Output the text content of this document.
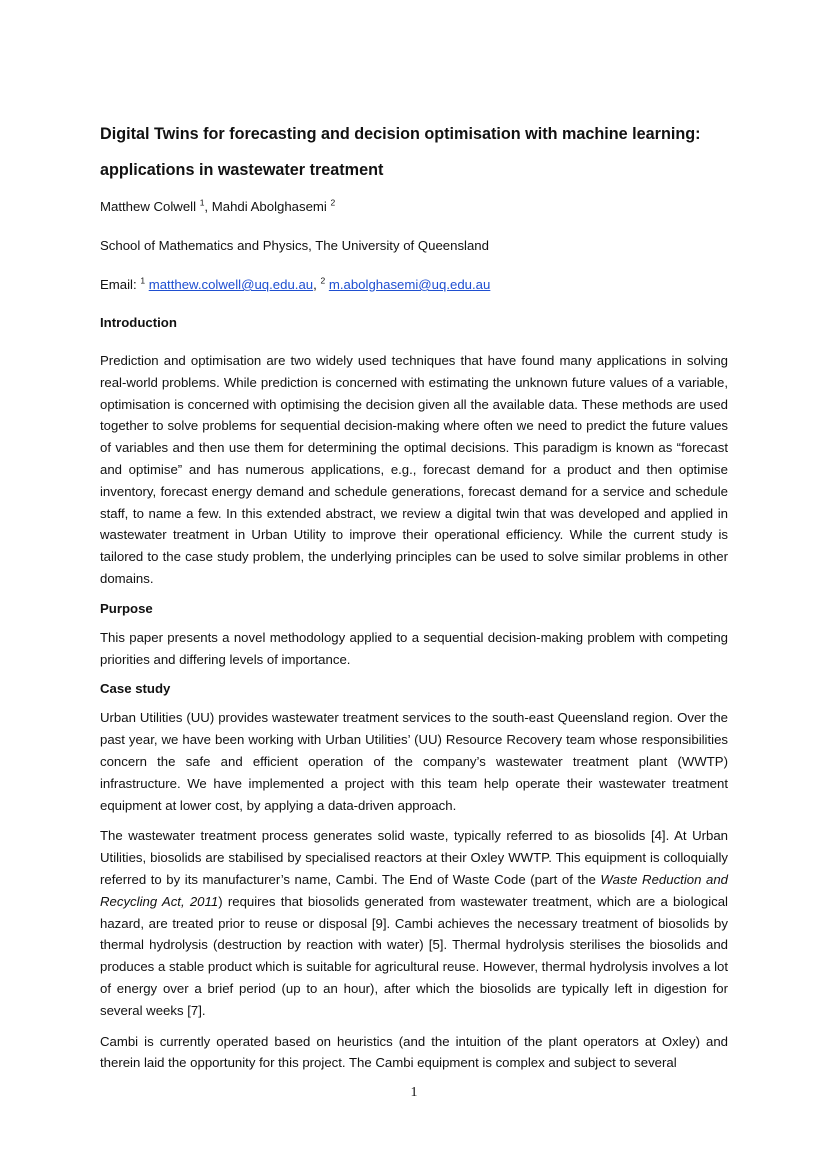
Digital Twins for forecasting and decision optimisation with machine learning:
applications in wastewater treatment
Matthew Colwell $^1$, Mahdi Abolghasemi $^2$
School of Mathematics and Physics, The University of Queensland
Email: $^1$ matthew.colwell@uq.edu.au, $^2$ m.abolghasemi@uq.edu.au
Introduction

Prediction and optimisation are two widely used techniques that have found many applications in solving real-world problems. While prediction is concerned with estimating the unknown future values of a variable, optimisation is concerned with optimising the decision given all the available data. These methods are used together to solve problems for sequential decision-making where often we need to predict the future values of variables and then use them for determining the optimal decisions. This paradigm is known as “forecast and optimise” and has numerous applications, e.g., forecast demand for a product and then optimise inventory, forecast energy demand and schedule generations, forecast demand for a service and schedule staff, to name a few. In this extended abstract, we review a digital twin that was developed and applied in wastewater treatment in Urban Utility to improve their operational efficiency. While the current study is tailored to the case study problem, the underlying principles can be used to solve similar problems in other domains.

Purpose

This paper presents a novel methodology applied to a sequential decision-making problem with competing priorities and differing levels of importance.

Case study

Urban Utilities (UU) provides wastewater treatment services to the south-east Queensland region. Over the past year, we have been working with Urban Utilities’ (UU) Resource Recovery team whose responsibilities concern the safe and efficient operation of the company’s wastewater treatment plant (WWTP) infrastructure. We have implemented a project with this team help operate their wastewater treatment equipment at lower cost, by applying a data-driven approach.

The wastewater treatment process generates solid waste, typically referred to as biosolids [4]. At Urban Utilities, biosolids are stabilised by specialised reactors at their Oxley WWTP. This equipment is colloquially referred to by its manufacturer’s name, Cambi. The End of Waste Code (part of the Waste Reduction and Recycling Act, 2011) requires that biosolids generated from wastewater treatment, which are a biological hazard, are treated prior to reuse or disposal [9]. Cambi achieves the necessary treatment of biosolids by thermal hydrolysis (destruction by reaction with water) [5]. Thermal hydrolysis sterilises the biosolids and produces a stable product which is suitable for agricultural reuse. However, thermal hydrolysis involves a lot of energy over a brief period (up to an hour), after which the biosolids are typically left in digestion for several weeks [7].

Cambi is currently operated based on heuristics (and the intuition of the plant operators at Oxley) and therein laid the opportunity for this project. The Cambi equipment is complex and subject to several

1
